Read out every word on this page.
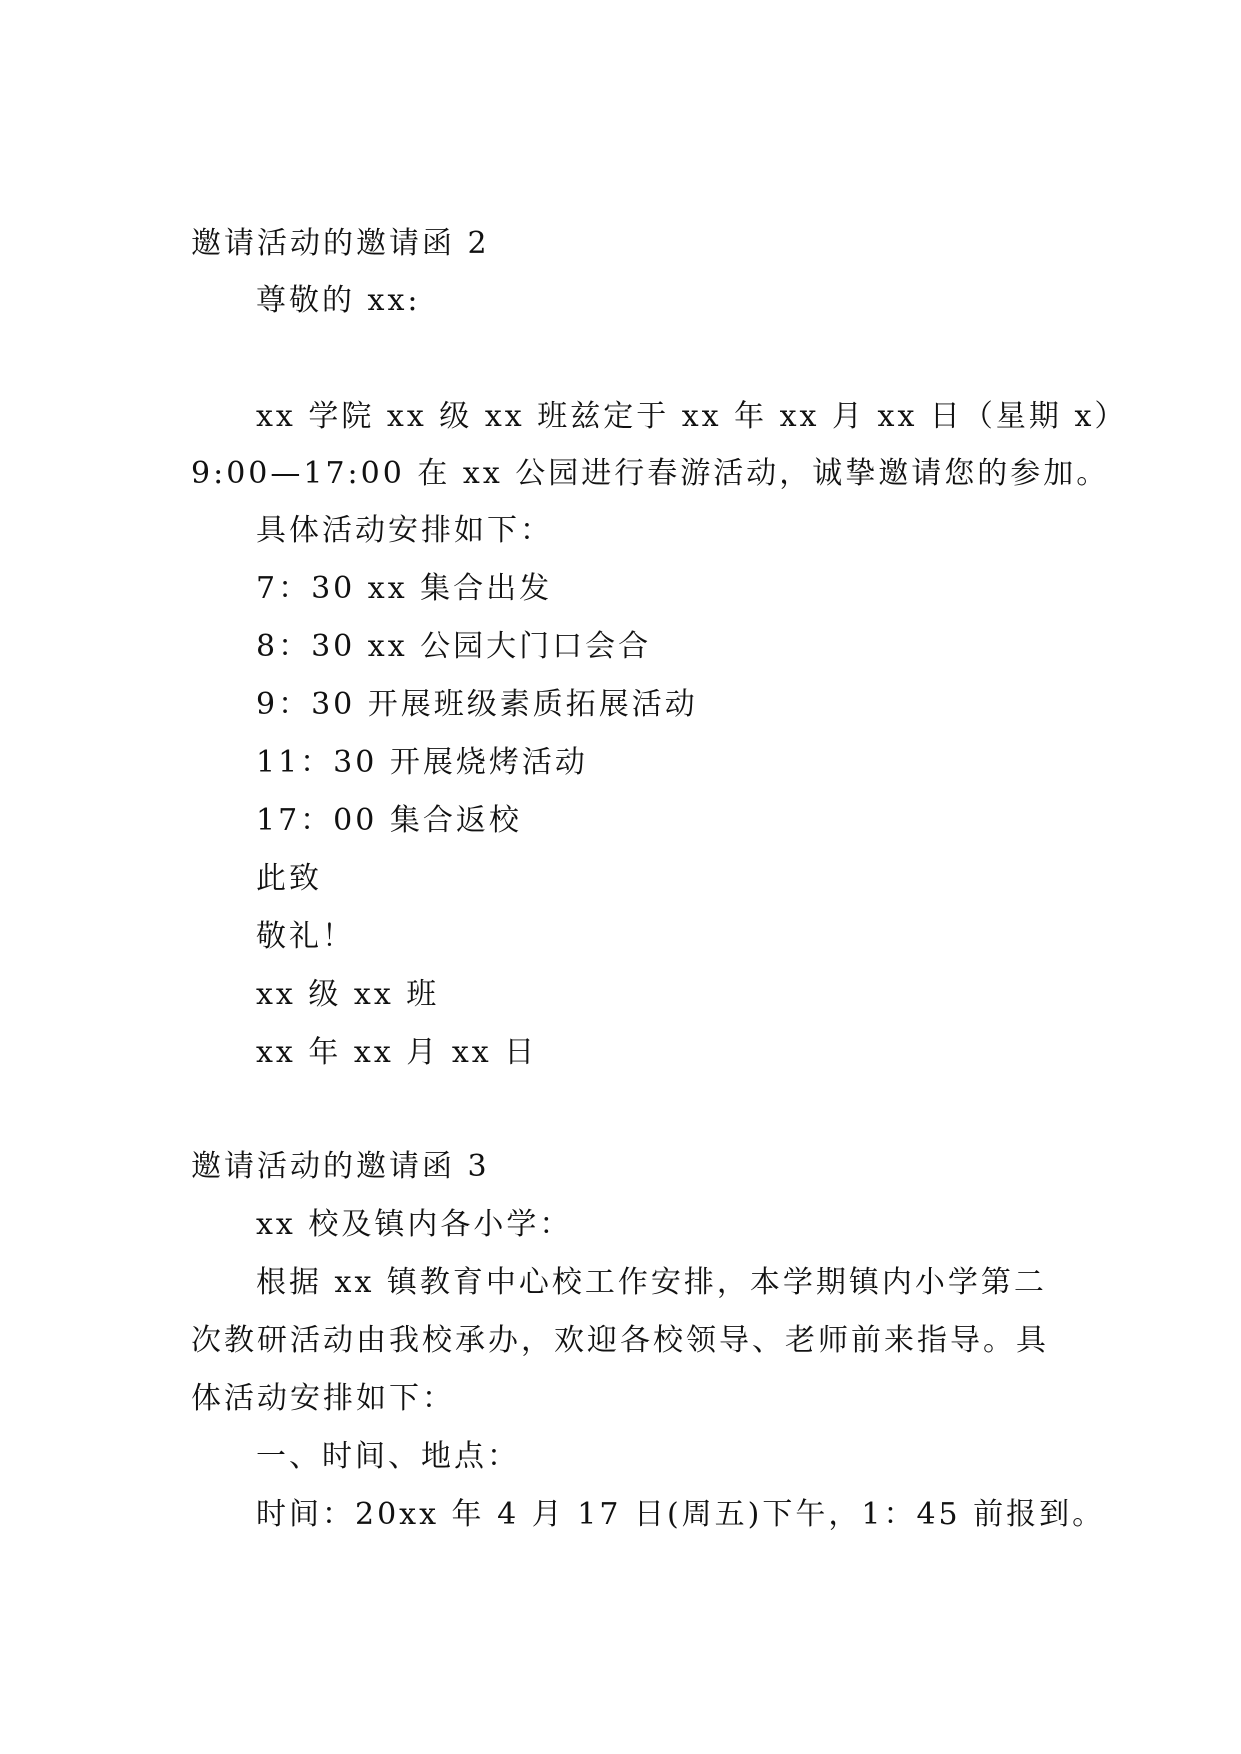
邀请活动的邀请函 2
尊敬的 xx:
xx 学院 xx 级 xx 班兹定于 xx 年 xx 月 xx 日（星期 x）
9:00—17:00 在 xx 公园进行春游活动，诚挚邀请您的参加。
具体活动安排如下：
7：30 xx 集合出发
8：30 xx 公园大门口会合
9：30 开展班级素质拓展活动
11：30 开展烧烤活动
17：00 集合返校
此致
敬礼！
xx 级 xx 班
xx 年 xx 月 xx 日
邀请活动的邀请函 3
xx 校及镇内各小学：
根据 xx 镇教育中心校工作安排，本学期镇内小学第二
次教研活动由我校承办，欢迎各校领导、老师前来指导。具
体活动安排如下：
一、时间、地点：
时间：20xx 年 4 月 17 日(周五)下午，1：45 前报到。
